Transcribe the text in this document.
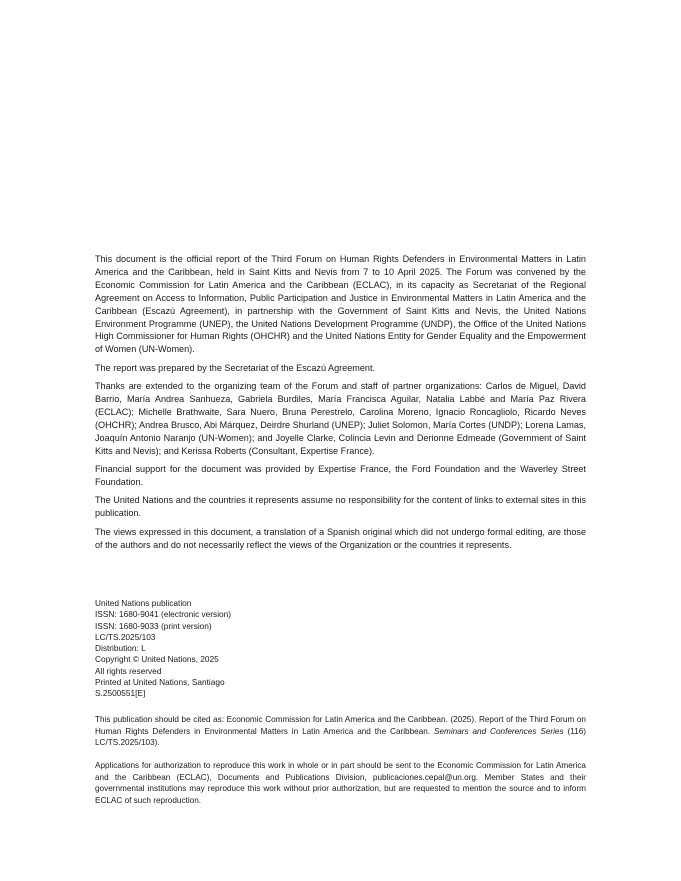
This document is the official report of the Third Forum on Human Rights Defenders in Environmental Matters in Latin America and the Caribbean, held in Saint Kitts and Nevis from 7 to 10 April 2025. The Forum was convened by the Economic Commission for Latin America and the Caribbean (ECLAC), in its capacity as Secretariat of the Regional Agreement on Access to Information, Public Participation and Justice in Environmental Matters in Latin America and the Caribbean (Escazú Agreement), in partnership with the Government of Saint Kitts and Nevis, the United Nations Environment Programme (UNEP), the United Nations Development Programme (UNDP), the Office of the United Nations High Commissioner for Human Rights (OHCHR) and the United Nations Entity for Gender Equality and the Empowerment of Women (UN-Women).

The report was prepared by the Secretariat of the Escazú Agreement.

Thanks are extended to the organizing team of the Forum and staff of partner organizations: Carlos de Miguel, David Barrio, María Andrea Sanhueza, Gabriela Burdiles, María Francisca Aguilar, Natalia Labbé and María Paz Rivera (ECLAC); Michelle Brathwaite, Sara Nuero, Bruna Perestrelo, Carolina Moreno, Ignacio Roncagliolo, Ricardo Neves (OHCHR); Andrea Brusco, Abi Márquez, Deirdre Shurland (UNEP); Juliet Solomon, María Cortes (UNDP); Lorena Lamas, Joaquín Antonio Naranjo (UN-Women); and Joyelle Clarke, Colincia Levin and Derionne Edmeade (Government of Saint Kitts and Nevis); and Kerissa Roberts (Consultant, Expertise France).

Financial support for the document was provided by Expertise France, the Ford Foundation and the Waverley Street Foundation.

The United Nations and the countries it represents assume no responsibility for the content of links to external sites in this publication.

The views expressed in this document, a translation of a Spanish original which did not undergo formal editing, are those of the authors and do not necessarily reflect the views of the Organization or the countries it represents.

United Nations publication
ISSN: 1680-9041 (electronic version)
ISSN: 1680-9033 (print version)
LC/TS.2025/103
Distribution: L
Copyright © United Nations, 2025
All rights reserved
Printed at United Nations, Santiago
S.2500551[E]

This publication should be cited as: Economic Commission for Latin America and the Caribbean. (2025). Report of the Third Forum on Human Rights Defenders in Environmental Matters in Latin America and the Caribbean. Seminars and Conferences Series (116) LC/TS.2025/103).

Applications for authorization to reproduce this work in whole or in part should be sent to the Economic Commission for Latin America and the Caribbean (ECLAC), Documents and Publications Division, publicaciones.cepal@un.org. Member States and their governmental institutions may reproduce this work without prior authorization, but are requested to mention the source and to inform ECLAC of such reproduction.
